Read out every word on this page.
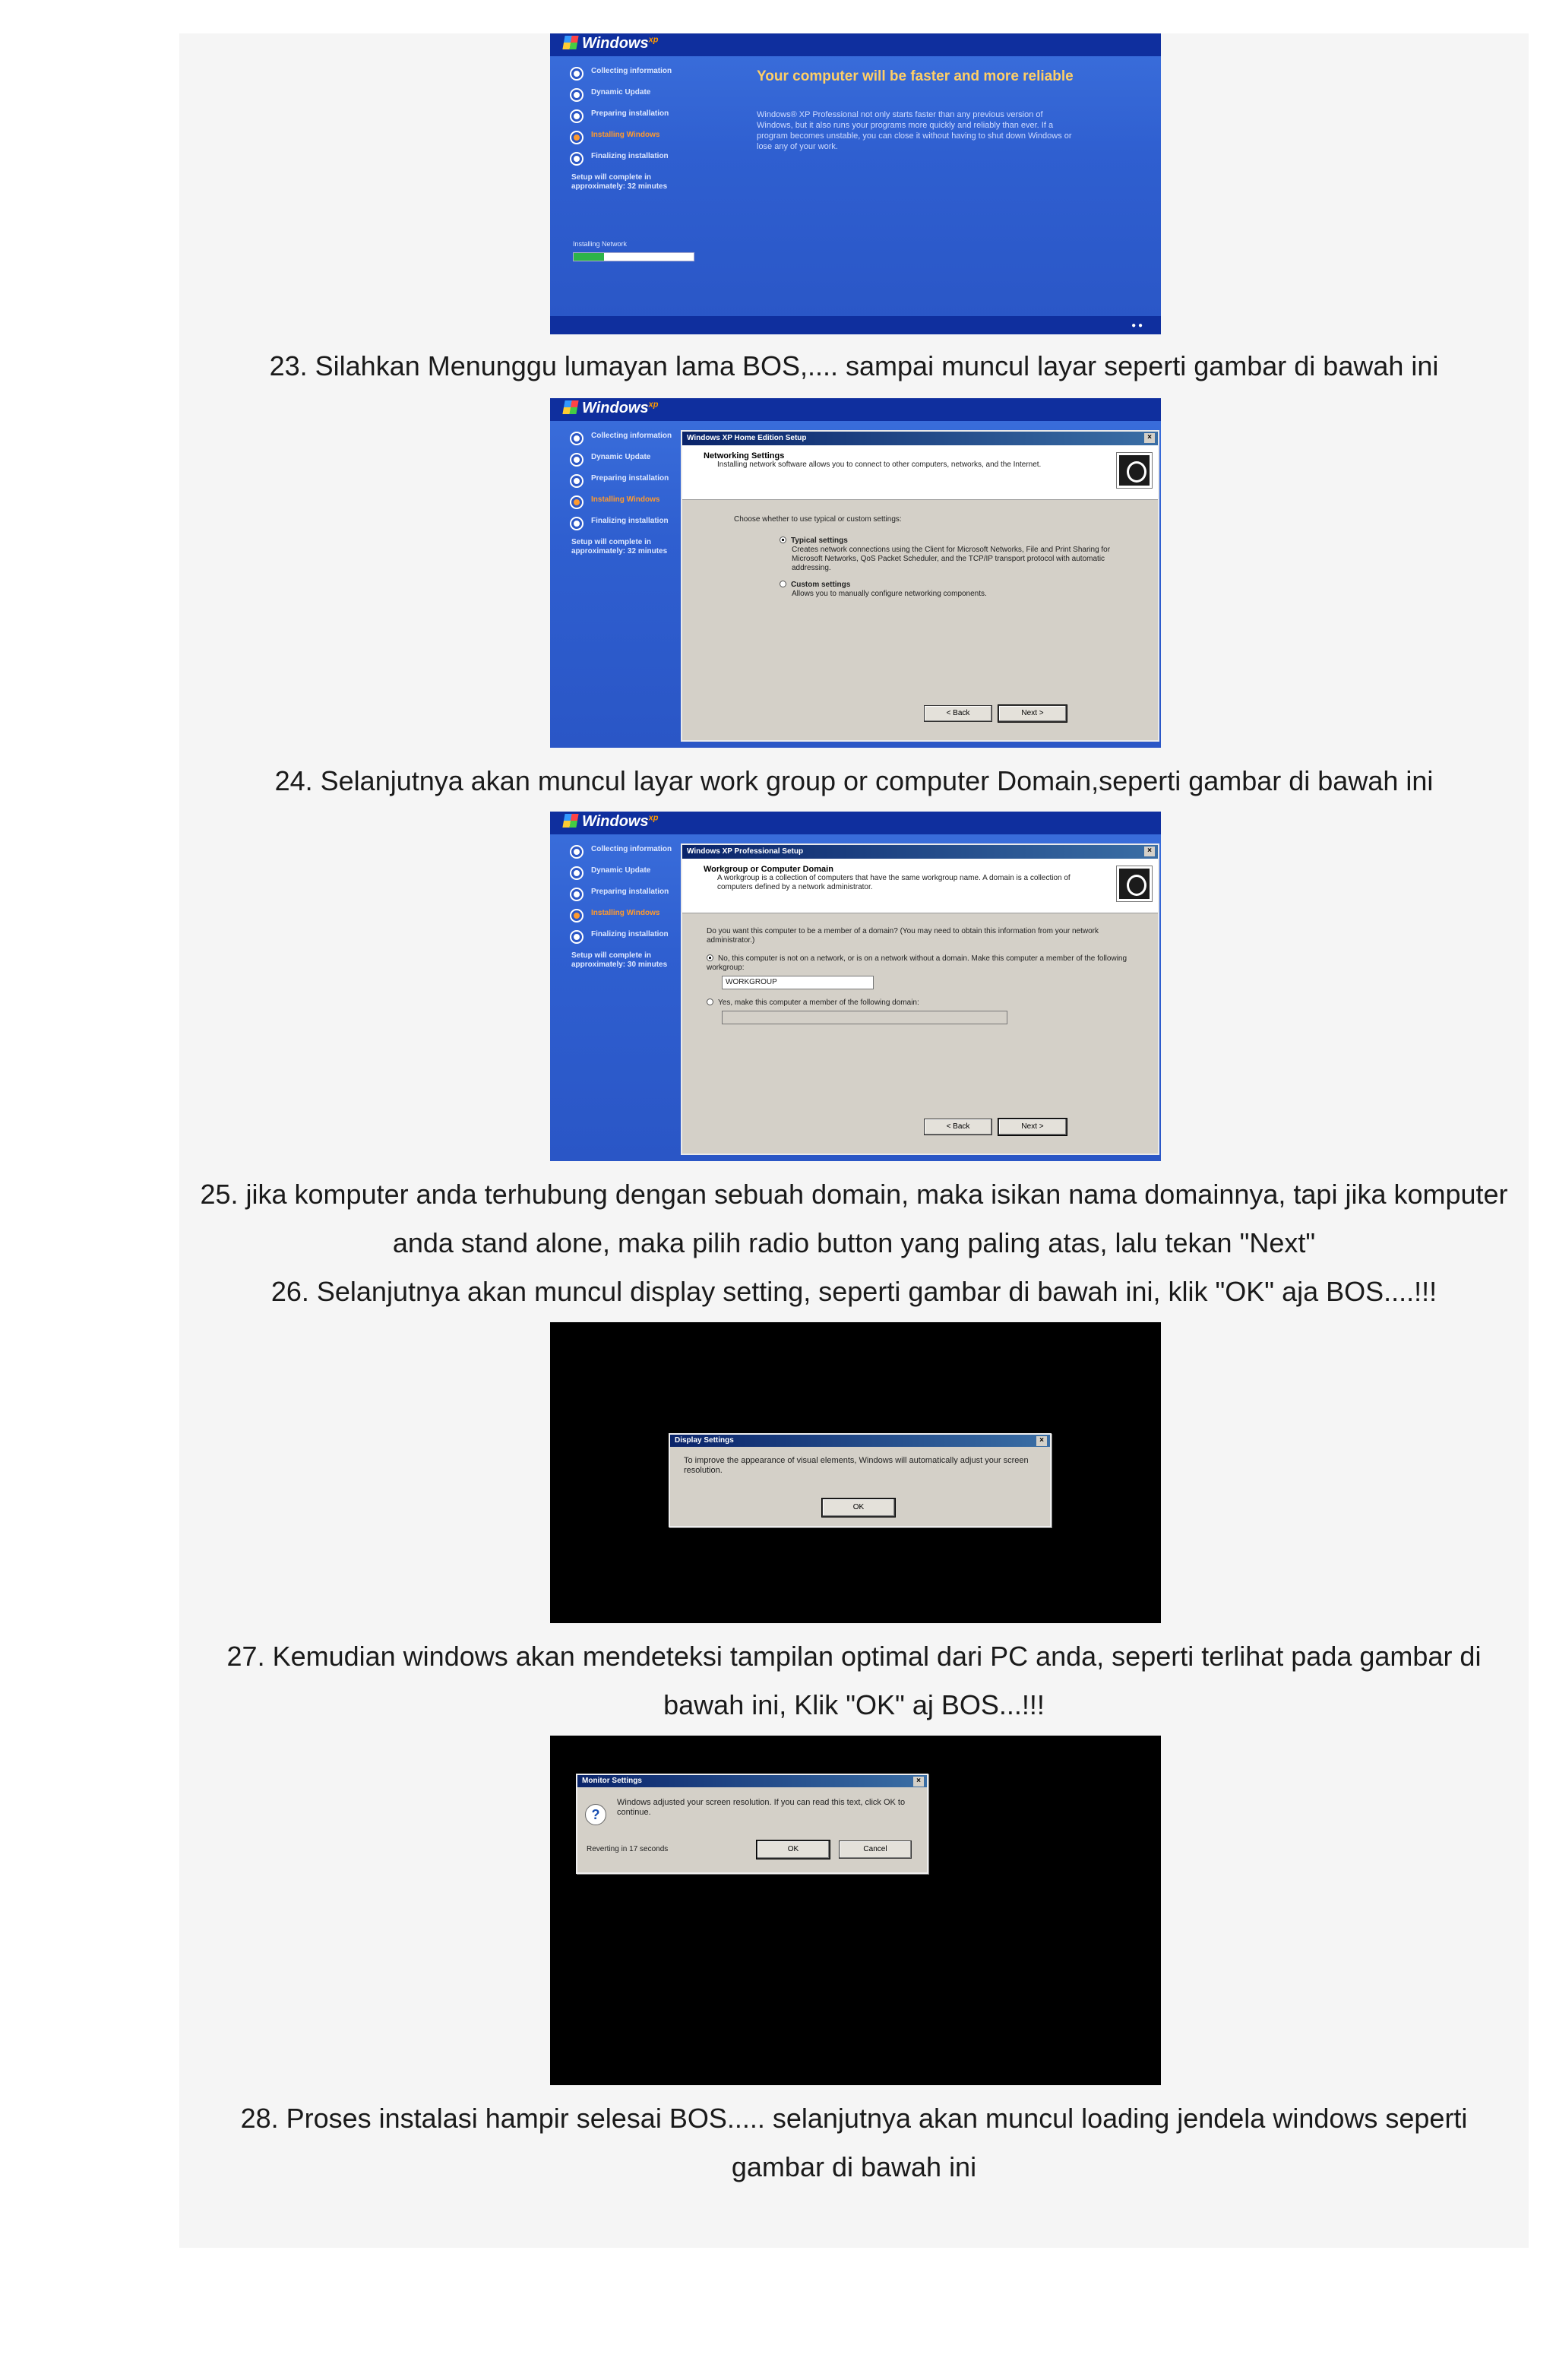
Windows$^{xp}$
Collecting information
Dynamic Update
Preparing installation
Installing Windows
Finalizing installation
Setup will complete in approximately: 32 minutes
Your computer will be faster and more reliable
Windows® XP Professional not only starts faster than any previous version of Windows, but it also runs your programs more quickly and reliably than ever. If a program becomes unstable, you can close it without having to shut down Windows or lose any of your work.
Installing Network
● ●
23. Silahkan Menunggu lumayan lama BOS,.... sampai muncul layar seperti gambar di bawah ini
Windows$^{xp}$
Collecting information
Dynamic Update
Preparing installation
Installing Windows
Finalizing installation
Setup will complete in approximately: 32 minutes
Windows XP Home Edition Setup	×
Networking Settings

Installing network software allows you to connect to other computers, networks, and the Internet.

Choose whether to use typical or custom settings:

Typical settings
Creates network connections using the Client for Microsoft Networks, File and Print Sharing for Microsoft Networks, QoS Packet Scheduler, and the TCP/IP transport protocol with automatic addressing.
Custom settings
Allows you to manually configure networking components.
< Back	Next >
24. Selanjutnya akan muncul layar work group or computer Domain,seperti gambar di bawah ini
Windows$^{xp}$
Collecting information
Dynamic Update
Preparing installation
Installing Windows
Finalizing installation
Setup will complete in approximately: 30 minutes
Windows XP Professional Setup	×
Workgroup or Computer Domain

A workgroup is a collection of computers that have the same workgroup name. A domain is a collection of computers defined by a network administrator.

Do you want this computer to be a member of a domain? (You may need to obtain this information from your network administrator.)

No, this computer is not on a network, or is on a network without a domain. Make this computer a member of the following workgroup:
WORKGROUP
Yes, make this computer a member of the following domain:
< Back	Next >
25. jika komputer anda terhubung dengan sebuah domain, maka isikan nama domainnya, tapi jika komputer
anda stand alone, maka pilih radio button yang paling atas, lalu tekan "Next"
26. Selanjutnya akan muncul display setting, seperti gambar di bawah ini, klik "OK" aja BOS....!!!
Display Settings	×
To improve the appearance of visual elements, Windows will automatically adjust your screen resolution.
OK
27. Kemudian windows akan mendeteksi tampilan optimal dari PC anda, seperti terlihat pada gambar di
bawah ini, Klik "OK" aj BOS...!!!
Monitor Settings	×
?
Windows adjusted your screen resolution. If you can read this text, click OK to continue.
Reverting in 17 seconds	OK	Cancel
28. Proses instalasi hampir selesai BOS..... selanjutnya akan muncul loading jendela windows seperti
gambar di bawah ini
